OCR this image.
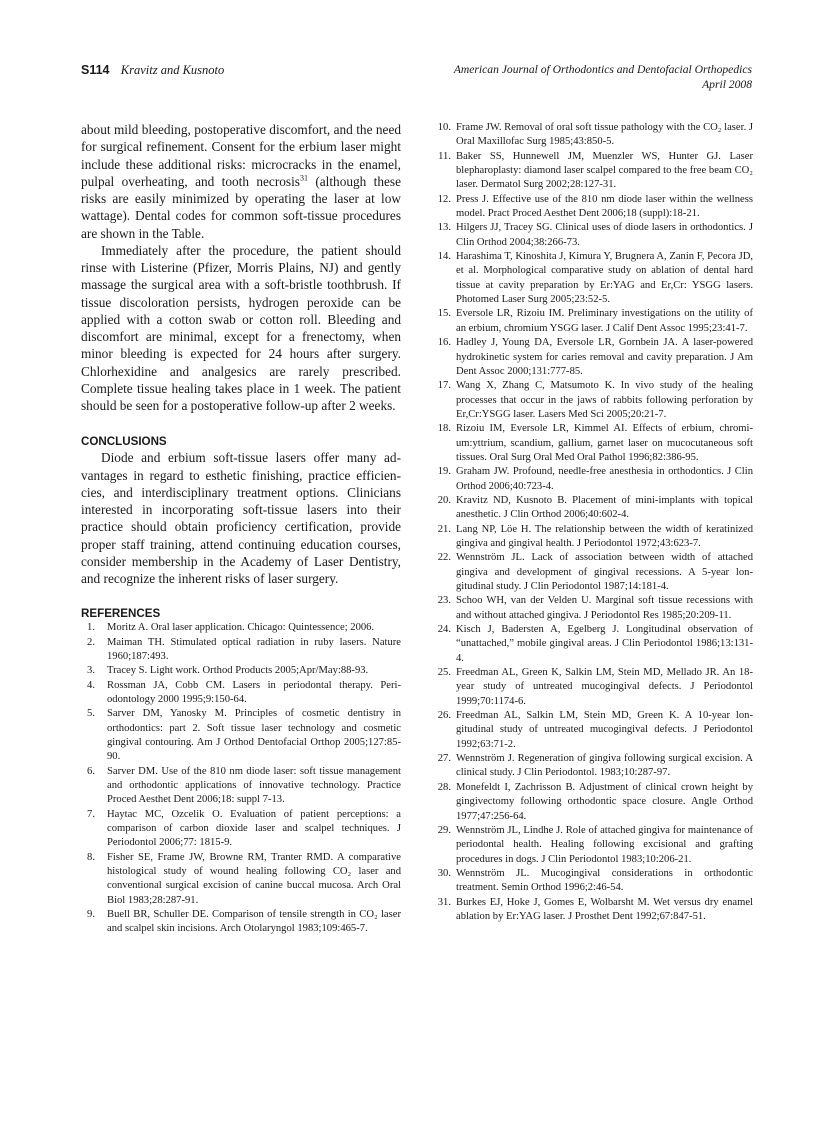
S114 Kravitz and Kusnoto	American Journal of Orthodontics and Dentofacial Orthopedics
April 2008

about mild bleeding, postoperative discomfort, and the need for surgical refinement. Consent for the erbium laser might include these additional risks: microcracks in the enamel, pulpal overheating, and tooth necrosis$^{31}$ (although these risks are easily minimized by operating the laser at low wattage). Dental codes for common soft-tissue procedures are shown in the Table.

Immediately after the procedure, the patient should rinse with Listerine (Pfizer, Morris Plains, NJ) and gently massage the surgical area with a soft-bristle toothbrush. If tissue discoloration persists, hydrogen peroxide can be applied with a cotton swab or cotton roll. Bleeding and discomfort are minimal, except for a frenectomy, when minor bleeding is expected for 24 hours after surgery. Chlorhexidine and analgesics are rarely prescribed. Complete tissue healing takes place in 1 week. The patient should be seen for a postoperative follow-up after 2 weeks.

CONCLUSIONS

Diode and erbium soft-tissue lasers offer many advantages in regard to esthetic finishing, practice efficiencies, and interdisciplinary treatment options. Clinicians interested in incorporating soft-tissue lasers into their practice should obtain proficiency certification, provide proper staff training, attend continuing education courses, consider membership in the Academy of Laser Dentistry, and recognize the inherent risks of laser surgery.

REFERENCES
1. Moritz A. Oral laser application. Chicago: Quintessence; 2006.
2. Maiman TH. Stimulated optical radiation in ruby lasers. Nature 1960;187:493.
3. Tracey S. Light work. Orthod Products 2005;Apr/May:88-93.
4. Rossman JA, Cobb CM. Lasers in periodontal therapy. Periodontology 2000 1995;9:150-64.
5. Sarver DM, Yanosky M. Principles of cosmetic dentistry in orthodontics: part 2. Soft tissue laser technology and cosmetic gingival contouring. Am J Orthod Dentofacial Orthop 2005;127:85-90.
6. Sarver DM. Use of the 810 nm diode laser: soft tissue management and orthodontic applications of innovative technology. Practice Proced Aesthet Dent 2006;18: suppl 7-13.
7. Haytac MC, Ozcelik O. Evaluation of patient perceptions: a comparison of carbon dioxide laser and scalpel techniques. J Periodontol 2006;77: 1815-9.
8. Fisher SE, Frame JW, Browne RM, Tranter RMD. A comparative histological study of wound healing following CO₂ laser and conventional surgical excision of canine buccal mucosa. Arch Oral Biol 1983;28:287-91.
9. Buell BR, Schuller DE. Comparison of tensile strength in CO₂ laser and scalpel skin incisions. Arch Otolaryngol 1983;109:465-7.
10. Frame JW. Removal of oral soft tissue pathology with the CO₂ laser. J Oral Maxillofac Surg 1985;43:850-5.
11. Baker SS, Hunnewell JM, Muenzler WS, Hunter GJ. Laser blepharoplasty: diamond laser scalpel compared to the free beam CO₂ laser. Dermatol Surg 2002;28:127-31.
12. Press J. Effective use of the 810 nm diode laser within the wellness model. Pract Proced Aesthet Dent 2006;18 (suppl):18-21.
13. Hilgers JJ, Tracey SG. Clinical uses of diode lasers in orthodontics. J Clin Orthod 2004;38:266-73.
14. Harashima T, Kinoshita J, Kimura Y, Brugnera A, Zanin F, Pecora JD, et al. Morphological comparative study on ablation of dental hard tissue at cavity preparation by Er:YAG and Er,Cr: YSGG lasers. Photomed Laser Surg 2005;23:52-5.
15. Eversole LR, Rizoiu IM. Preliminary investigations on the utility of an erbium, chromium YSGG laser. J Calif Dent Assoc 1995;23:41-7.
16. Hadley J, Young DA, Eversole LR, Gornbein JA. A laser-powered hydrokinetic system for caries removal and cavity preparation. J Am Dent Assoc 2000;131:777-85.
17. Wang X, Zhang C, Matsumoto K. In vivo study of the healing processes that occur in the jaws of rabbits following perforation by Er,Cr:YSGG laser. Lasers Med Sci 2005;20:21-7.
18. Rizoiu IM, Eversole LR, Kimmel AI. Effects of erbium, chromium:yttrium, scandium, gallium, garnet laser on mucocutaneous soft tissues. Oral Surg Oral Med Oral Pathol 1996;82:386-95.
19. Graham JW. Profound, needle-free anesthesia in orthodontics. J Clin Orthod 2006;40:723-4.
20. Kravitz ND, Kusnoto B. Placement of mini-implants with topical anesthetic. J Clin Orthod 2006;40:602-4.
21. Lang NP, Löe H. The relationship between the width of keratinized gingiva and gingival health. J Periodontol 1972;43:623-7.
22. Wennström JL. Lack of association between width of attached gingiva and development of gingival recessions. A 5-year longitudinal study. J Clin Periodontol 1987;14:181-4.
23. Schoo WH, van der Velden U. Marginal soft tissue recessions with and without attached gingiva. J Periodontol Res 1985;20:209-11.
24. Kisch J, Badersten A, Egelberg J. Longitudinal observation of “unattached,” mobile gingival areas. J Clin Periodontol 1986;13:131-4.
25. Freedman AL, Green K, Salkin LM, Stein MD, Mellado JR. An 18-year study of untreated mucogingival defects. J Periodontol 1999;70:1174-6.
26. Freedman AL, Salkin LM, Stein MD, Green K. A 10-year longitudinal study of untreated mucogingival defects. J Periodontol 1992;63:71-2.
27. Wennström J. Regeneration of gingiva following surgical excision. A clinical study. J Clin Periodontol. 1983;10:287-97.
28. Monefeldt I, Zachrisson B. Adjustment of clinical crown height by gingivectomy following orthodontic space closure. Angle Orthod 1977;47:256-64.
29. Wennström JL, Lindhe J. Role of attached gingiva for maintenance of periodontal health. Healing following excisional and grafting procedures in dogs. J Clin Periodontol 1983;10:206-21.
30. Wennström JL. Mucogingival considerations in orthodontic treatment. Semin Orthod 1996;2:46-54.
31. Burkes EJ, Hoke J, Gomes E, Wolbarsht M. Wet versus dry enamel ablation by Er:YAG laser. J Prosthet Dent 1992;67:847-51.
